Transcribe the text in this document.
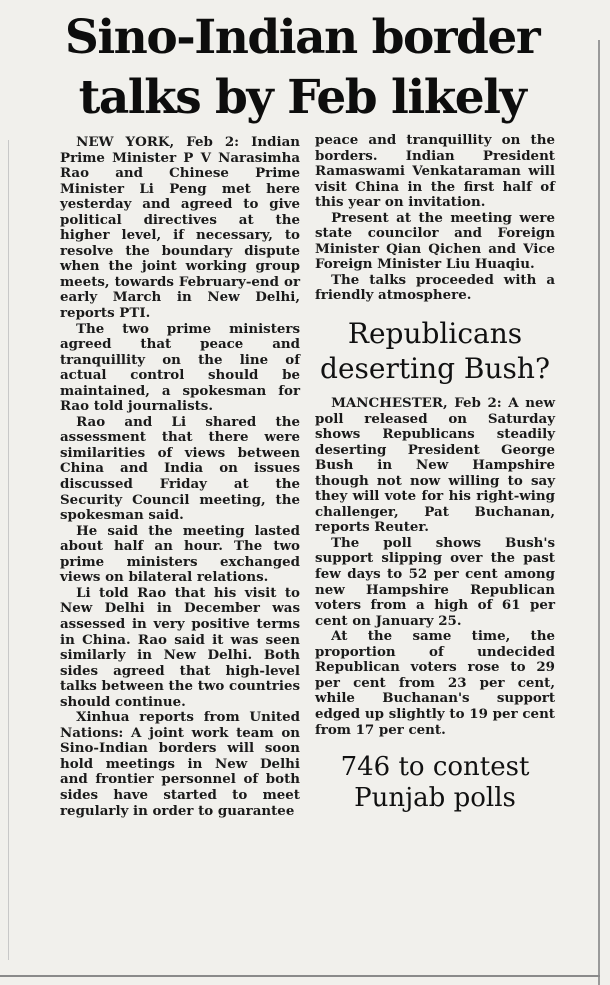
Sino-Indian border talks by Feb likely

NEW YORK, Feb 2: Indian Prime Minister P V Narasimha Rao and Chinese Prime Minister Li Peng met here yesterday and agreed to give political directives at the higher level, if necessary, to resolve the boundary dispute when the joint working group meets, towards February-end or early March in New Delhi, reports PTI.

The two prime ministers agreed that peace and tranquillity on the line of actual control should be maintained, a spokesman for Rao told journalists.

Rao and Li shared the assessment that there were similarities of views between China and India on issues discussed Friday at the Security Council meeting, the spokesman said.

He said the meeting lasted about half an hour. The two prime ministers exchanged views on bilateral relations.

Li told Rao that his visit to New Delhi in December was assessed in very positive terms in China. Rao said it was seen similarly in New Delhi. Both sides agreed that high-level talks between the two countries should continue.

Xinhua reports from United Nations: A joint work team on Sino-Indian borders will soon hold meetings in New Delhi and frontier personnel of both sides have started to meet regularly in order to guarantee

peace and tranquillity on the borders. Indian President Ramaswami Venkataraman will visit China in the first half of this year on invitation.

Present at the meeting were state councilor and Foreign Minister Qian Qichen and Vice Foreign Minister Liu Huaqiu.

The talks proceeded with a friendly atmosphere.

Republicans deserting Bush?

MANCHESTER, Feb 2: A new poll released on Saturday shows Republicans steadily deserting President George Bush in New Hampshire though not now willing to say they will vote for his right-wing challenger, Pat Buchanan, reports Reuter.

The poll shows Bush's support slipping over the past few days to 52 per cent among new Hampshire Republican voters from a high of 61 per cent on January 25.

At the same time, the proportion of undecided Republican voters rose to 29 per cent from 23 per cent, while Buchanan's support edged up slightly to 19 per cent from 17 per cent.

746 to contest Punjab polls
